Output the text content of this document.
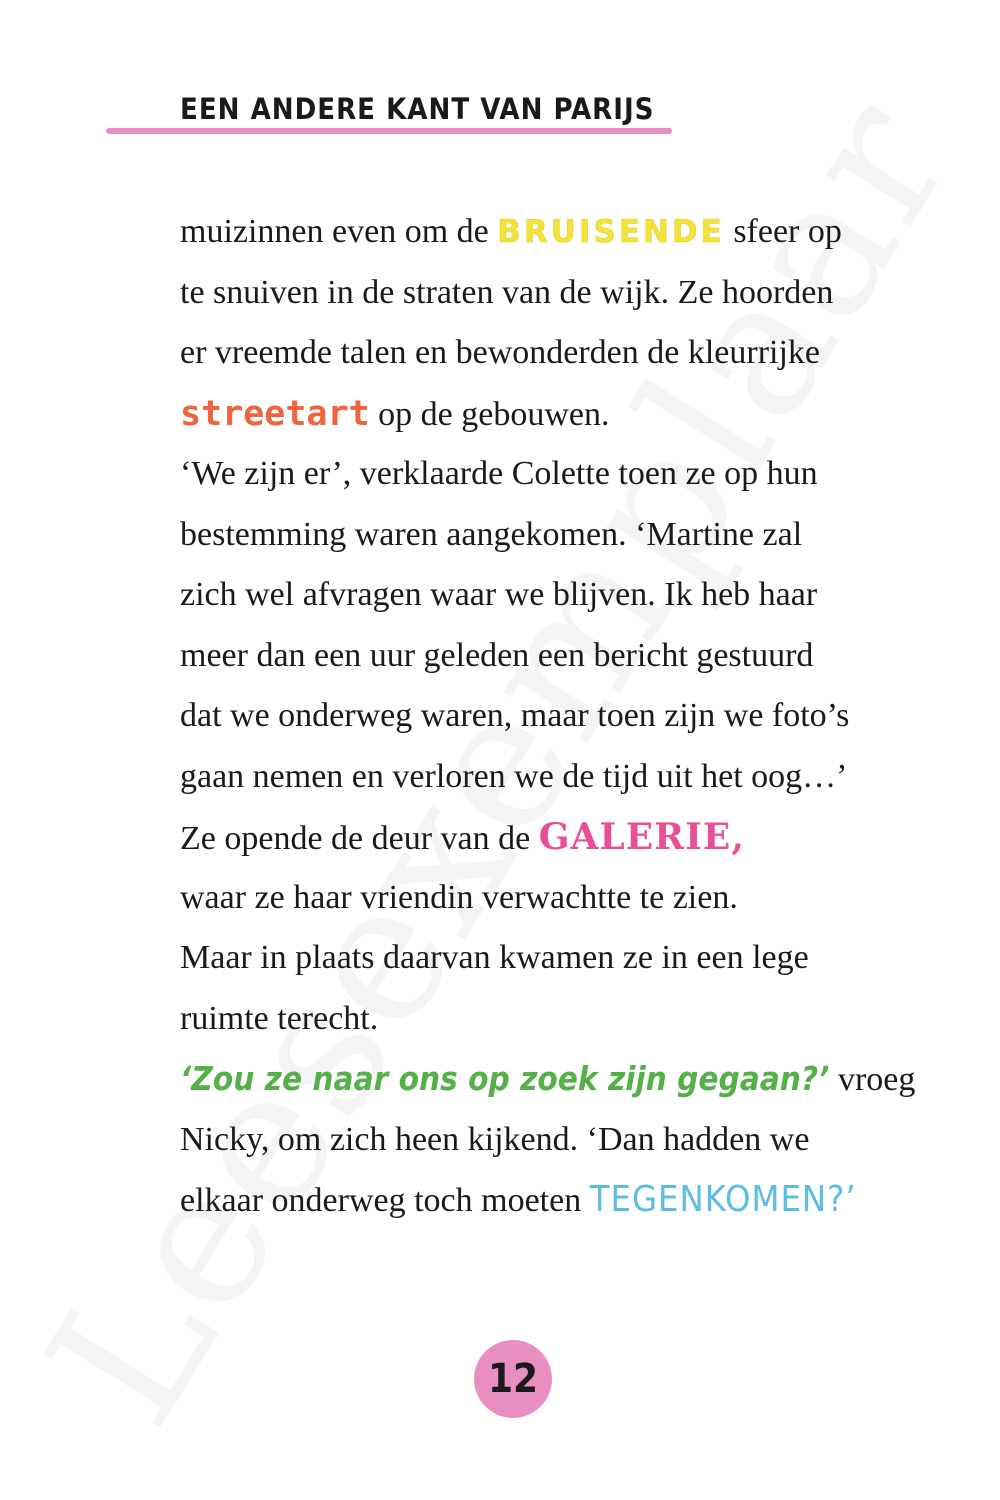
EEN ANDERE KANT VAN PARIJS
muizinnen even om de BRUISENDE sfeer op
te snuiven in de straten van de wijk. Ze hoorden
er vreemde talen en bewonderden de kleurrijke
streetart op de gebouwen.
‘We zijn er’, verklaarde Colette toen ze op hun
bestemming waren aangekomen. ‘Martine zal
zich wel afvragen waar we blijven. Ik heb haar
meer dan een uur geleden een bericht gestuurd
dat we onderweg waren, maar toen zijn we foto’s
gaan nemen en verloren we de tijd uit het oog…’
Ze opende de deur van de GALERIE,
waar ze haar vriendin verwachtte te zien.
Maar in plaats daarvan kwamen ze in een lege
ruimte terecht.
‘Zou ze naar ons op zoek zijn gegaan?’ vroeg
Nicky, om zich heen kijkend. ‘Dan hadden we
elkaar onderweg toch moeten TEGENKOMEN?’
12
